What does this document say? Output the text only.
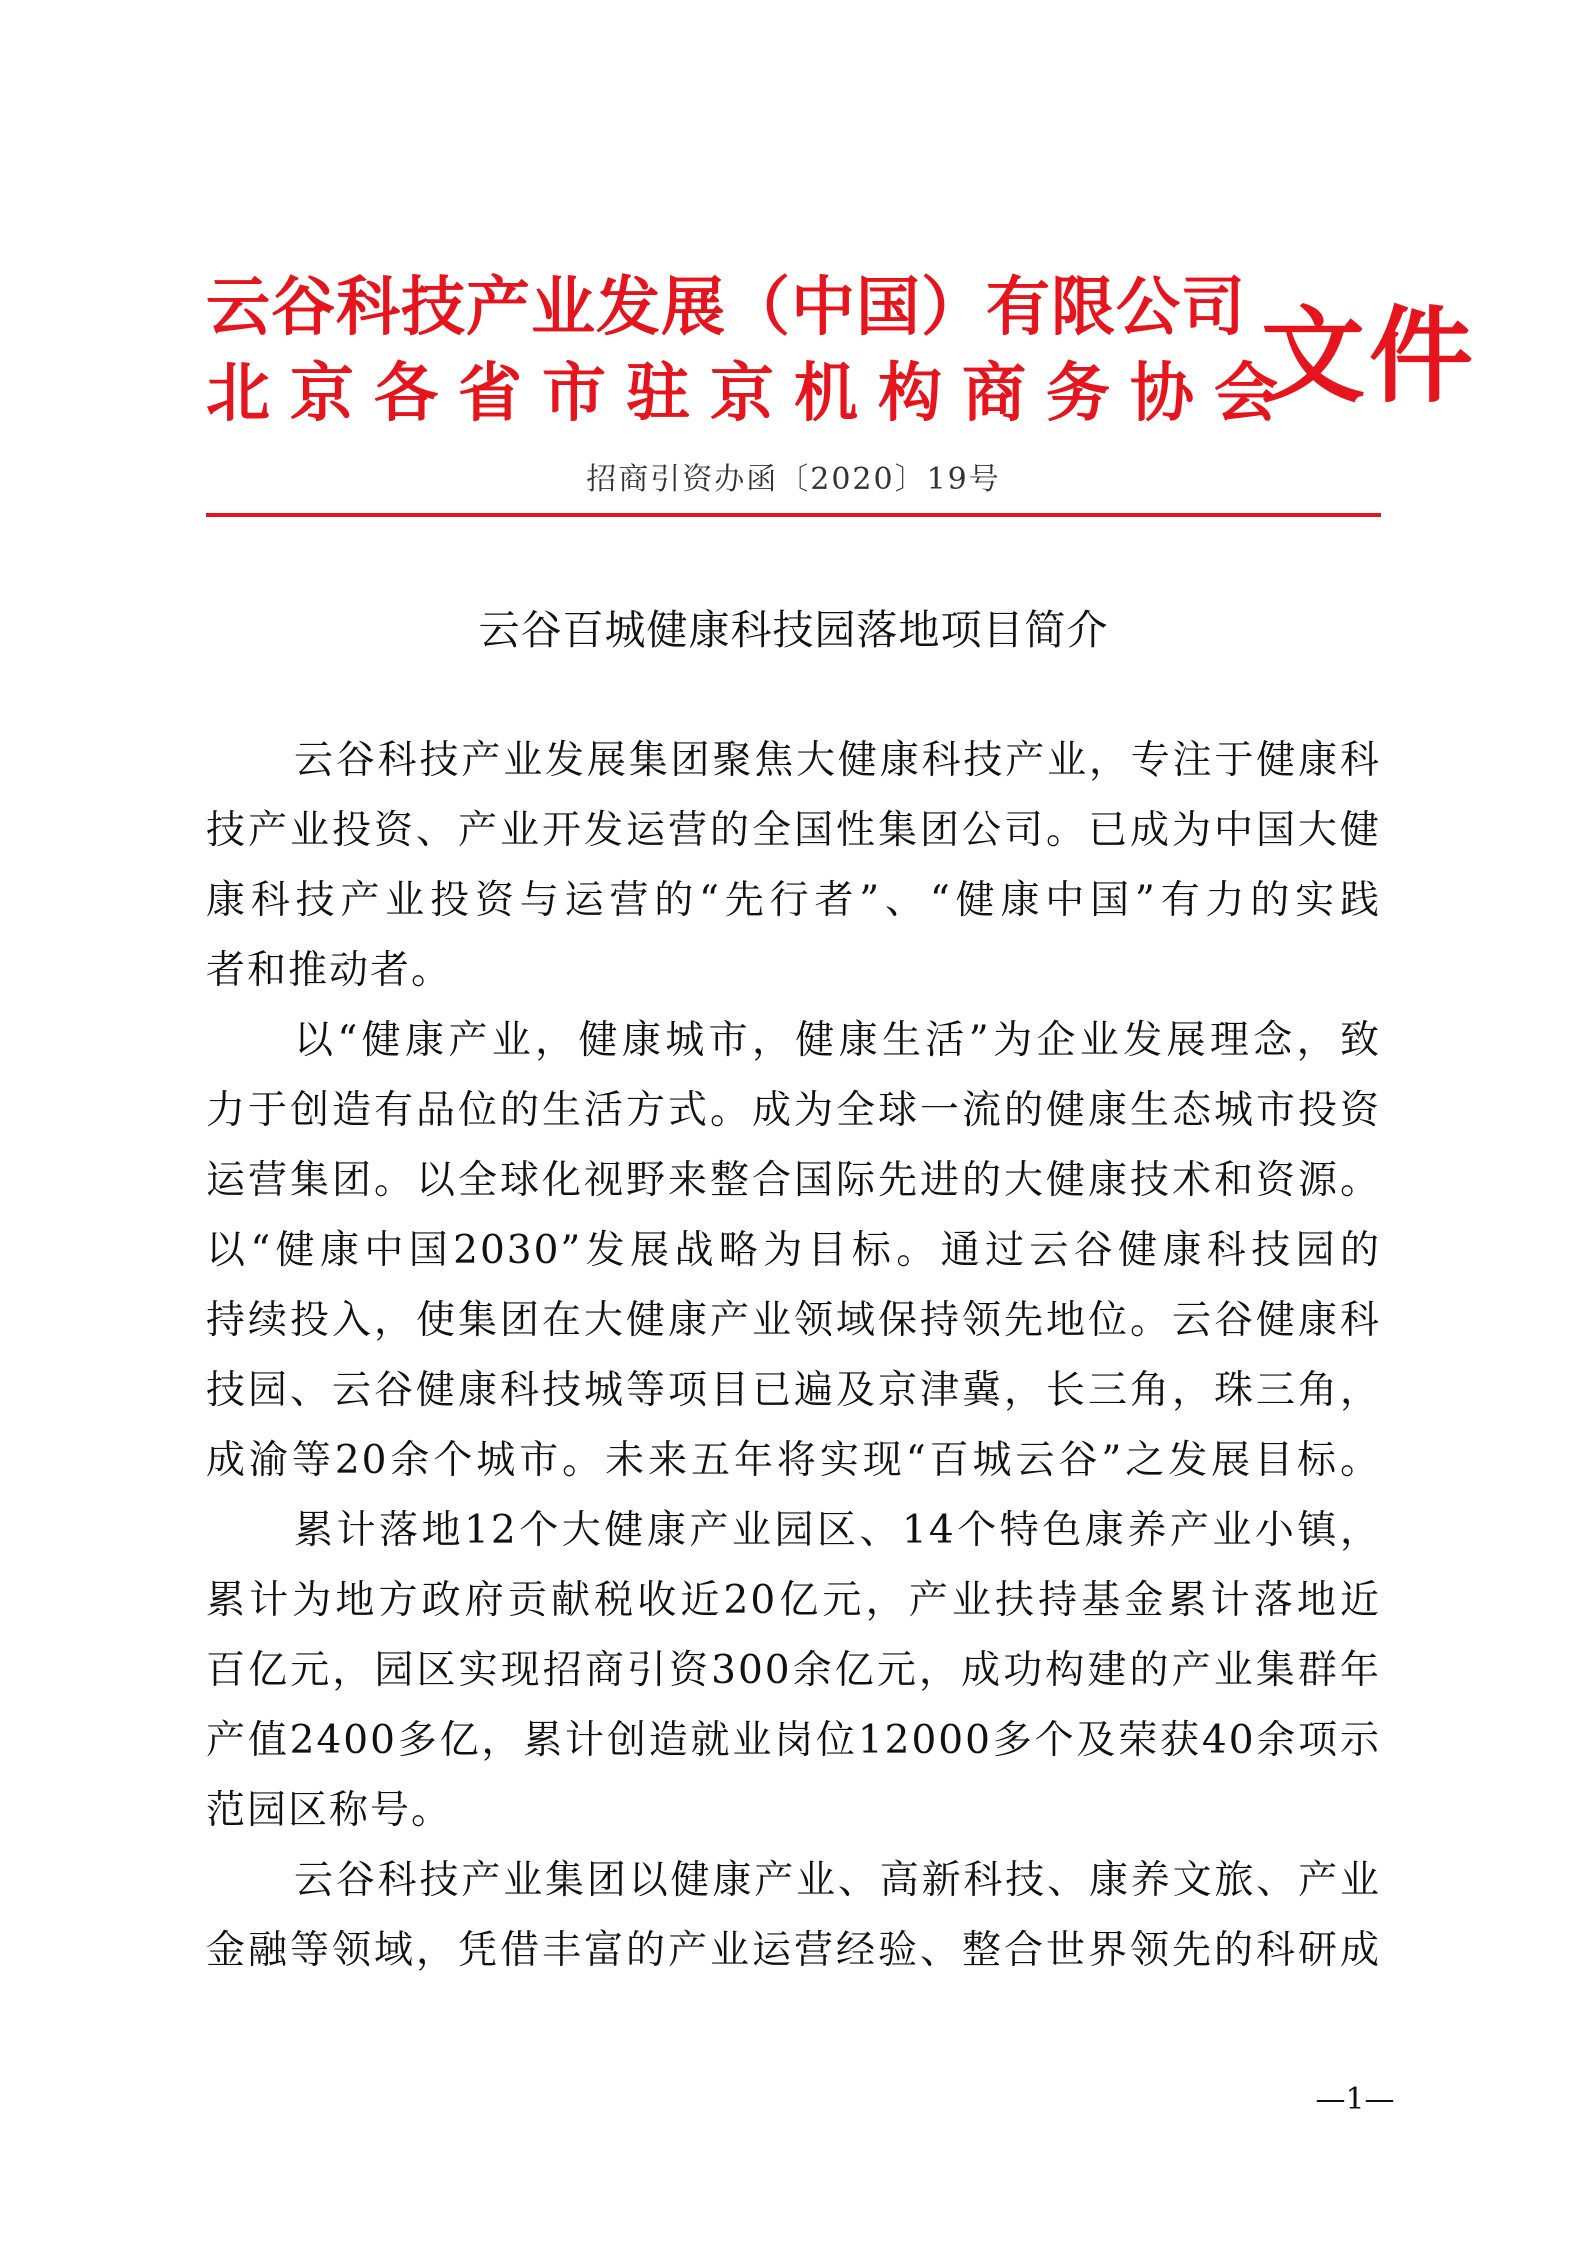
云谷科技产业发展（中国）有限公司
北京各省市驻京机构商务协会
文件
招商引资办函〔2020〕19号
云谷百城健康科技园落地项目简介
云谷科技产业发展集团聚焦大健康科技产业，专注于健康科
技产业投资、产业开发运营的全国性集团公司。已成为中国大健
康科技产业投资与运营的“先行者”、“健康中国”有力的实践
者和推动者。
以“健康产业，健康城市，健康生活”为企业发展理念，致
力于创造有品位的生活方式。成为全球一流的健康生态城市投资
运营集团。以全球化视野来整合国际先进的大健康技术和资源。
以“健康中国2030”发展战略为目标。通过云谷健康科技园的
持续投入，使集团在大健康产业领域保持领先地位。云谷健康科
技园、云谷健康科技城等项目已遍及京津冀，长三角，珠三角，
成渝等20余个城市。未来五年将实现“百城云谷”之发展目标。
累计落地12个大健康产业园区、14个特色康养产业小镇，
累计为地方政府贡献税收近20亿元，产业扶持基金累计落地近
百亿元，园区实现招商引资300余亿元，成功构建的产业集群年
产值2400多亿，累计创造就业岗位12000多个及荣获40余项示
范园区称号。
云谷科技产业集团以健康产业、高新科技、康养文旅、产业
金融等领域，凭借丰富的产业运营经验、整合世界领先的科研成
—1—
